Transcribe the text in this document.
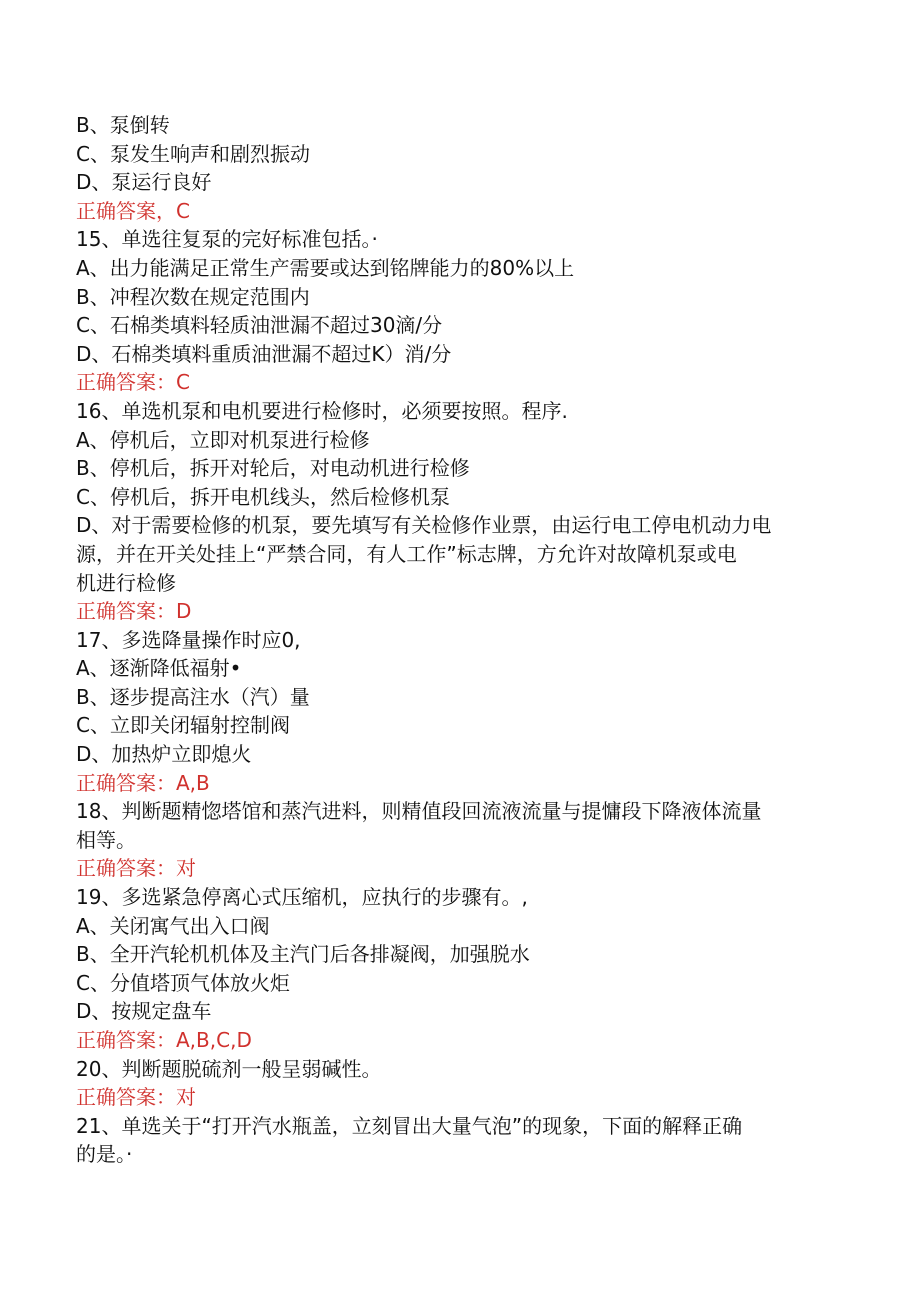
B、泵倒转
C、泵发生响声和剧烈振动
D、泵运行良好
正确答案，C
15、单选往复泵的完好标准包括。·
A、出力能满足正常生产需要或达到铭牌能力的80%以上
B、冲程次数在规定范围内
C、石棉类填料轻质油泄漏不超过30滴/分
D、石棉类填料重质油泄漏不超过K）消/分
正确答案：C
16、单选机泵和电机要进行检修时，必须要按照。程序.
A、停机后，立即对机泵进行检修
B、停机后，拆开对轮后，对电动机进行检修
C、停机后，拆开电机线头，然后检修机泵
D、对于需要检修的机泵，要先填写有关检修作业票，由运行电工停电机动力电
源，并在开关处挂上“严禁合同，有人工作”标志牌，方允许对故障机泵或电
机进行检修
正确答案：D
17、多选降量操作时应0,
A、逐渐降低福射•
B、逐步提高注水（汽）量
C、立即关闭辐射控制阀
D、加热炉立即熄火
正确答案：A,B
18、判断题精惚塔馆和蒸汽进料，则精值段回流液流量与提慵段下降液体流量
相等。
正确答案：对
19、多选紧急停离心式压缩机，应执行的步骤有。,
A、关闭寓气出入口阀
B、全开汽轮机机体及主汽门后各排凝阀，加强脱水
C、分值塔顶气体放火炬
D、按规定盘车
正确答案：A,B,C,D
20、判断题脱硫剂一般呈弱碱性。
正确答案：对
21、单选关于“打开汽水瓶盖，立刻冒出大量气泡”的现象，下面的解释正确
的是。·
